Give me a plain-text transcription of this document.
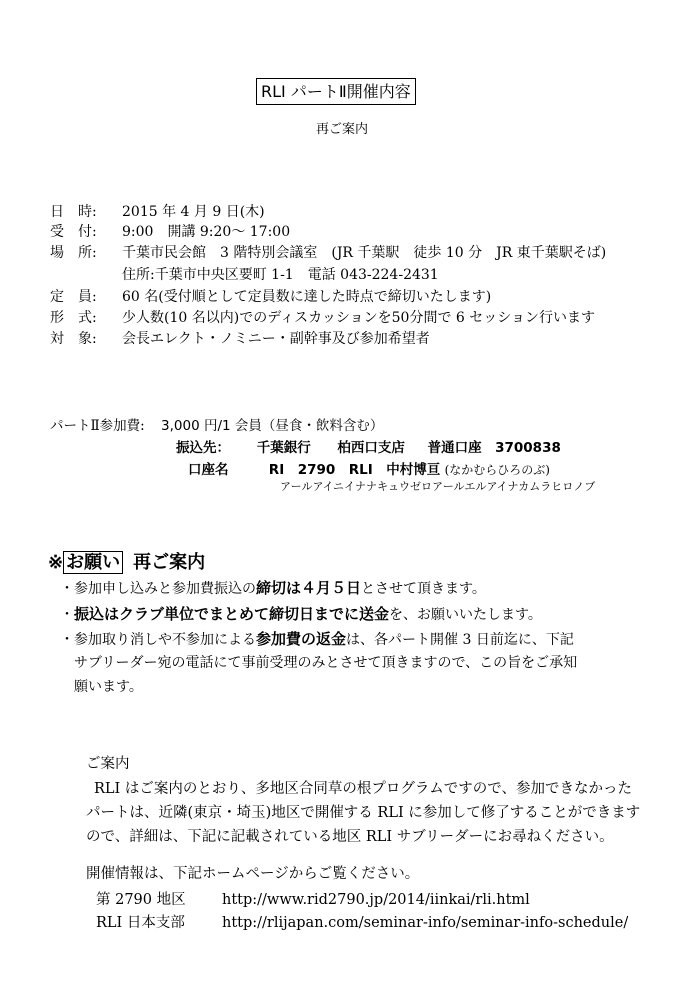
RLI パートⅡ開催内容
再ご案内
日　時: 2015 年 4 月 9 日(木)
受　付: 9:00　開講 9:20〜 17:00
場　所: 千葉市民会館　3 階特別会議室　(JR 千葉駅　徒歩 10 分　JR 東千葉駅そば)
住所:千葉市中央区要町 1-1　電話 043-224-2431
定　員: 60 名(受付順として定員数に達した時点で締切いたします)
形　式: 少人数(10 名以内)でのディスカッションを50分間で 6 セッション行います
対　象: 会長エレクト・ノミニー・副幹事及び参加希望者
パートⅡ参加費: 3,000 円/1 会員（昼食・飲料含む）
振込先： 千葉銀行 柏西口支店 普通口座　3700838
口座名	RI　2790　RLI　中村博亘 (なかむらひろのぶ)
アールアイニイナナキュウゼロアールエルアイナカムラヒロノブ
※ お願い 再ご案内
・参加申し込みと参加費振込の締切は４月５日とさせて頂きます。
・振込はクラブ単位でまとめて締切日までに送金を、お願いいたします。
・参加取り消しや不参加による参加費の返金は、各パート開催 3 日前迄に、下記
サブリーダー宛の電話にて事前受理のみとさせて頂きますので、この旨をご承知
願います。
ご案内
RLI はご案内のとおり、多地区合同草の根プログラムですので、参加できなかった
パートは、近隣(東京・埼玉)地区で開催する RLI に参加して修了することができます
ので、詳細は、下記に記載されている地区 RLI サブリーダーにお尋ねください。
開催情報は、下記ホームページからご覧ください。
第 2790 地区	http://www.rid2790.jp/2014/iinkai/rli.html
RLI 日本支部	http://rlijapan.com/seminar-info/seminar-info-schedule/
